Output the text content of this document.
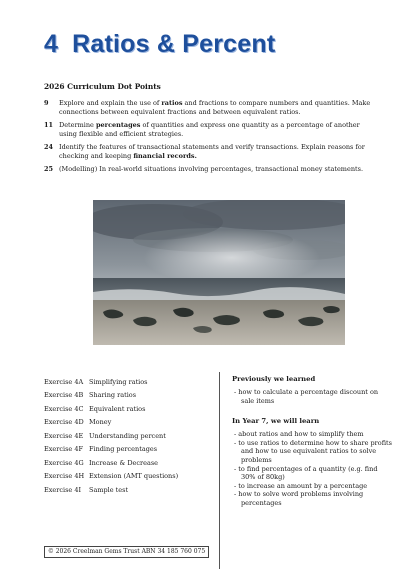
4 Ratios & Percent
2026 Curriculum Dot Points
9	Explore and explain the use of ratios and fractions to compare numbers and quantities. Make connections between equivalent fractions and between equivalent ratios.
11 Determine percentages of quantities and express one quantity as a percentage of another using flexible and efficient strategies.
24 Identify the features of transactional statements and verify transactions. Explain reasons for checking and keeping financial records.
25 (Modelling) In real-world situations involving percentages, transactional money statements.
Exercise 4A Simplifying ratios
Exercise 4B Sharing ratios
Exercise 4C Equivalent ratios
Exercise 4D Money
Exercise 4E Understanding percent
Exercise 4F Finding percentages
Exercise 4G Increase & Decrease
Exercise 4H Extension (AMT questions)
Exercise 4I	Sample test
Previously we learned
- how to calculate a percentage discount on sale items
In Year 7, we will learn
- about ratios and how to simplify them
- to use ratios to determine how to share profits and how to use equivalent ratios to solve problems
- to find percentages of a quantity (e.g. find 30% of 80kg)
- to increase an amount by a percentage
- how to solve word problems involving percentages
© 2026 Creelman Gems Trust ABN 34 185 760 075
